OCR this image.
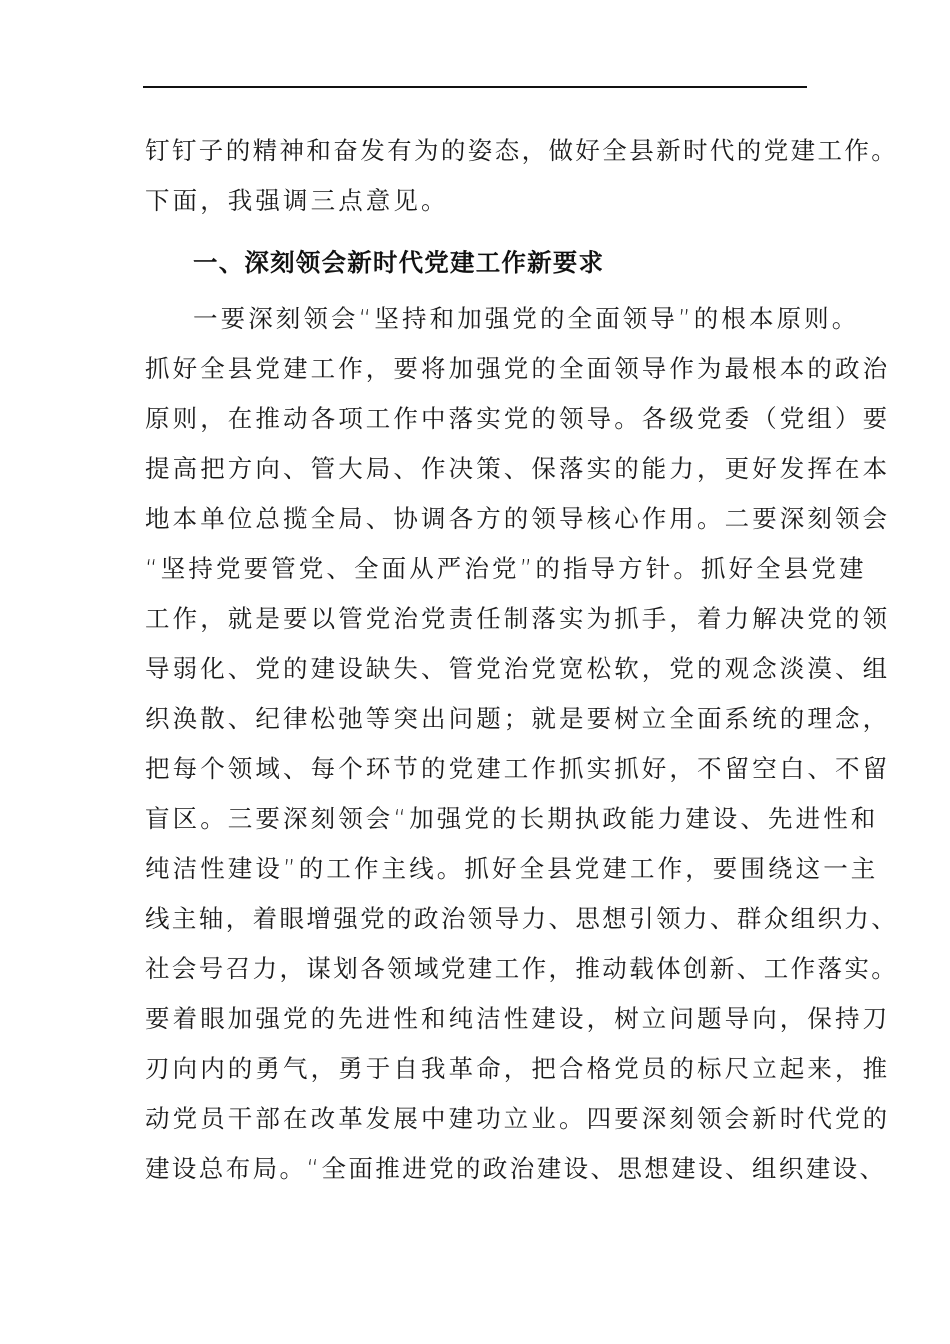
钉钉子的精神和奋发有为的姿态，做好全县新时代的党建工作。
下面，我强调三点意见。
一、深刻领会新时代党建工作新要求
一要深刻领会“坚持和加强党的全面领导”的根本原则。
抓好全县党建工作，要将加强党的全面领导作为最根本的政治
原则，在推动各项工作中落实党的领导。各级党委（党组）要
提高把方向、管大局、作决策、保落实的能力，更好发挥在本
地本单位总揽全局、协调各方的领导核心作用。二要深刻领会
“坚持党要管党、全面从严治党”的指导方针。抓好全县党建
工作，就是要以管党治党责任制落实为抓手，着力解决党的领
导弱化、党的建设缺失、管党治党宽松软，党的观念淡漠、组
织涣散、纪律松弛等突出问题；就是要树立全面系统的理念，
把每个领域、每个环节的党建工作抓实抓好，不留空白、不留
盲区。三要深刻领会“加强党的长期执政能力建设、先进性和
纯洁性建设”的工作主线。抓好全县党建工作，要围绕这一主
线主轴，着眼增强党的政治领导力、思想引领力、群众组织力、
社会号召力，谋划各领域党建工作，推动载体创新、工作落实。
要着眼加强党的先进性和纯洁性建设，树立问题导向，保持刀
刃向内的勇气，勇于自我革命，把合格党员的标尺立起来，推
动党员干部在改革发展中建功立业。四要深刻领会新时代党的
建设总布局。“全面推进党的政治建设、思想建设、组织建设、
